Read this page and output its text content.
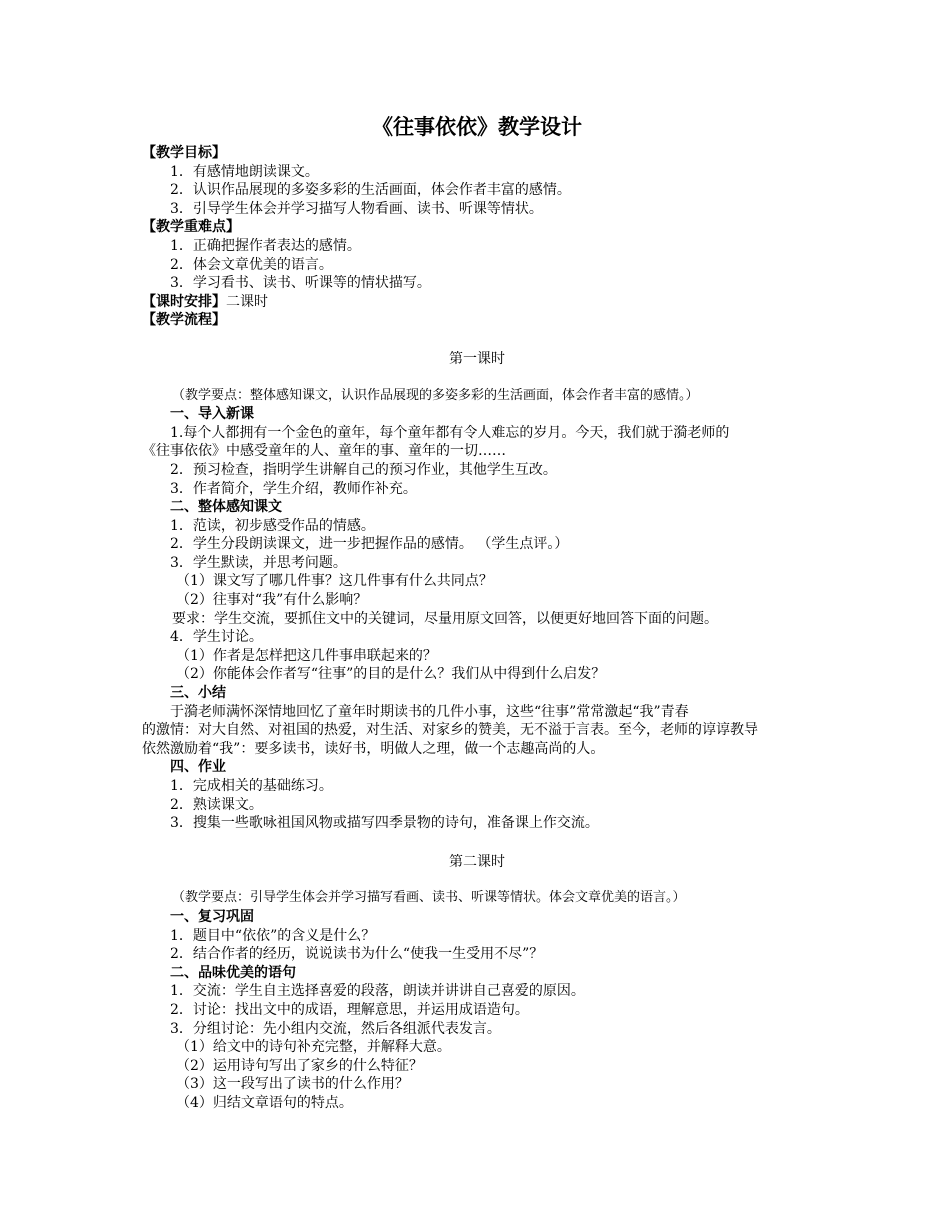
《往事依依》教学设计
【教学目标】
1．有感情地朗读课文。
2．认识作品展现的多姿多彩的生活画面，体会作者丰富的感情。
3．引导学生体会并学习描写人物看画、读书、听课等情状。
【教学重难点】
1．正确把握作者表达的感情。
2．体会文章优美的语言。
3．学习看书、读书、听课等的情状描写。
【课时安排】二课时
【教学流程】
第一课时
（教学要点：整体感知课文，认识作品展现的多姿多彩的生活画面，体会作者丰富的感情。）
一、导入新课
1.每个人都拥有一个金色的童年，每个童年都有令人难忘的岁月。今天，我们就于漪老师的
《往事依依》中感受童年的人、童年的事、童年的一切……
2．预习检查，指明学生讲解自己的预习作业，其他学生互改。
3．作者简介，学生介绍，教师作补充。
二、整体感知课文
1．范读，初步感受作品的情感。
2．学生分段朗读课文，进一步把握作品的感情。 （学生点评。）
3．学生默读，并思考问题。
（1）课文写了哪几件事？这几件事有什么共同点？
（2）往事对“我”有什么影响？
要求：学生交流，要抓住文中的关键词，尽量用原文回答，以便更好地回答下面的问题。
4．学生讨论。
（1）作者是怎样把这几件事串联起来的？
（2）你能体会作者写“往事”的目的是什么？我们从中得到什么启发？
三、小结
于漪老师满怀深情地回忆了童年时期读书的几件小事，这些“往事”常常激起“我”青春
的激情：对大自然、对祖国的热爱，对生活、对家乡的赞美，无不溢于言表。至今，老师的谆谆教导
依然激励着“我”：要多读书，读好书，明做人之理，做一个志趣高尚的人。
四、作业
1．完成相关的基础练习。
2．熟读课文。
3．搜集一些歌咏祖国风物或描写四季景物的诗句，准备课上作交流。
第二课时
（教学要点：引导学生体会并学习描写看画、读书、听课等情状。体会文章优美的语言。）
一、复习巩固
1．题目中“依依”的含义是什么？
2．结合作者的经历，说说读书为什么“使我一生受用不尽”？
二、品味优美的语句
1．交流：学生自主选择喜爱的段落，朗读并讲讲自己喜爱的原因。
2．讨论：找出文中的成语，理解意思，并运用成语造句。
3．分组讨论：先小组内交流，然后各组派代表发言。
（1）给文中的诗句补充完整，并解释大意。
（2）运用诗句写出了家乡的什么特征？
（3）这一段写出了读书的什么作用？
（4）归结文章语句的特点。
